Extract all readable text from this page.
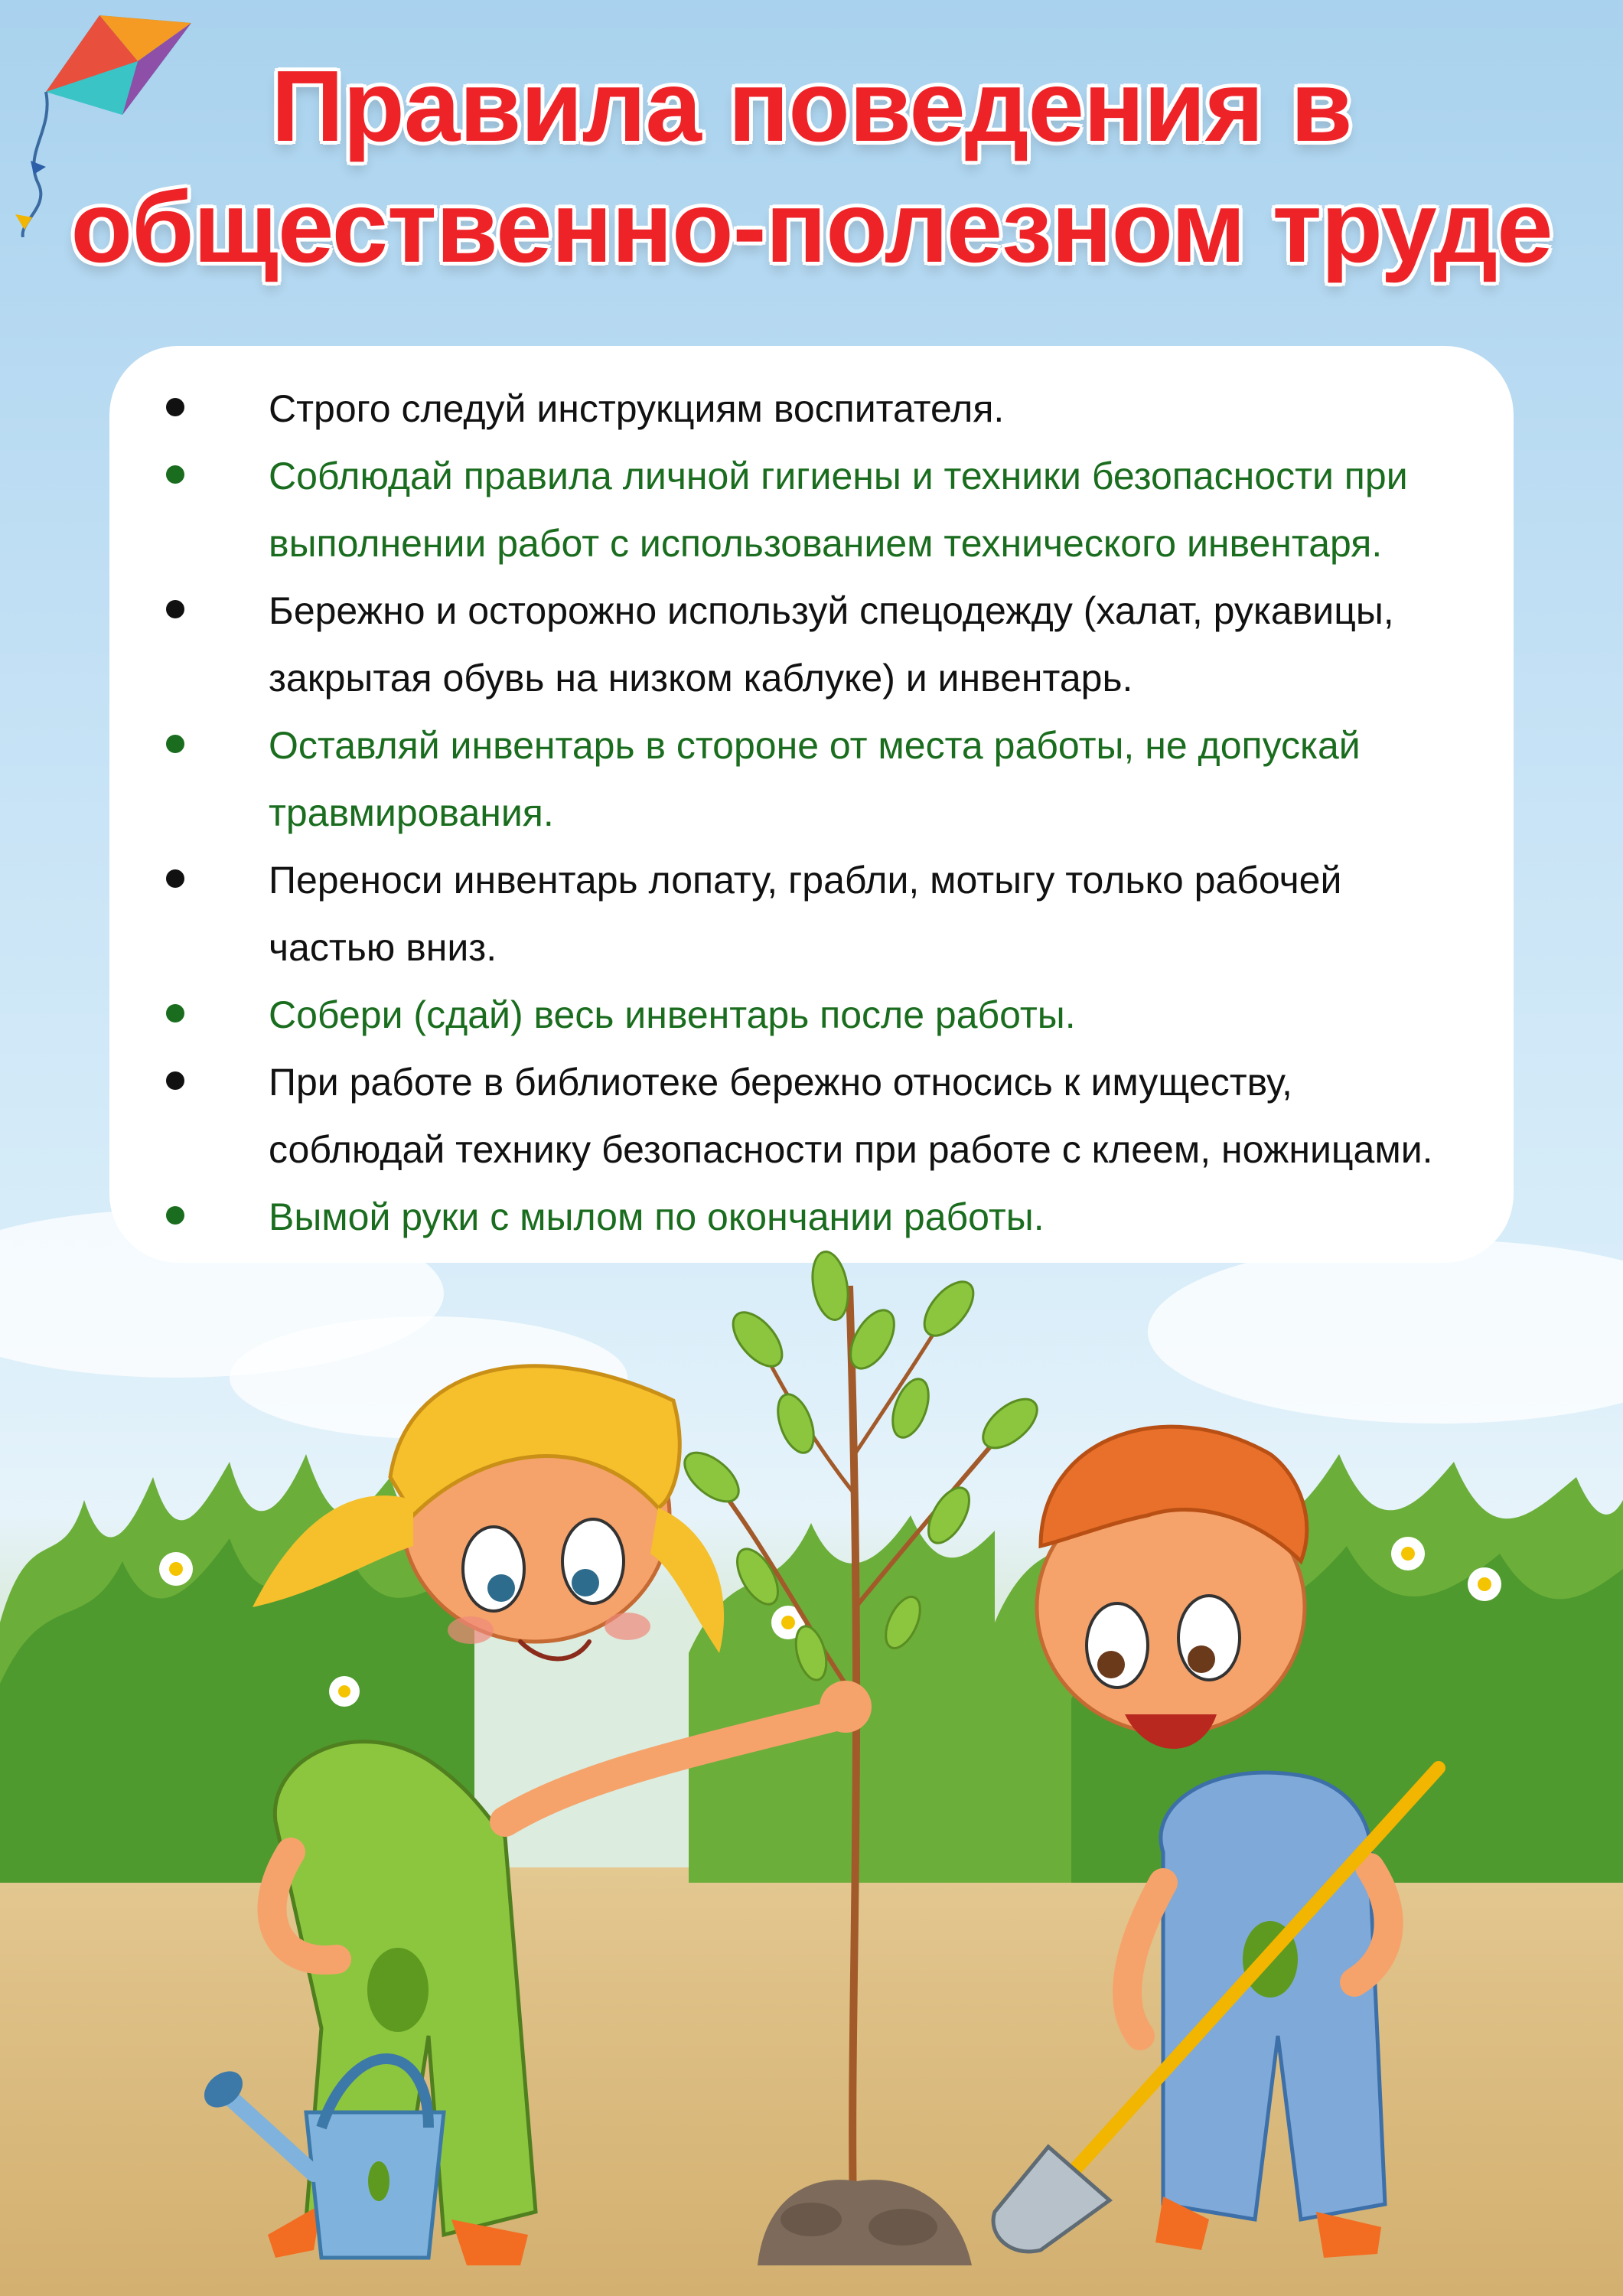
Правила поведения в
общественно-полезном труде
Строго следуй инструкциям воспитателя.
Соблюдай правила личной гигиены и техники безопасности при выполнении работ с использованием технического инвентаря.
Бережно и осторожно используй спецодежду (халат, рукавицы, закрытая обувь на низком каблуке) и инвентарь.
Оставляй инвентарь в стороне от места работы, не допускай травмирования.
Переноси инвентарь лопату, грабли, мотыгу только рабочей частью вниз.
Собери (сдай) весь инвентарь после работы.
При работе в библиотеке бережно относись к имуществу, соблюдай технику безопасности при работе с клеем, ножницами.
Вымой руки с мылом по окончании работы.
